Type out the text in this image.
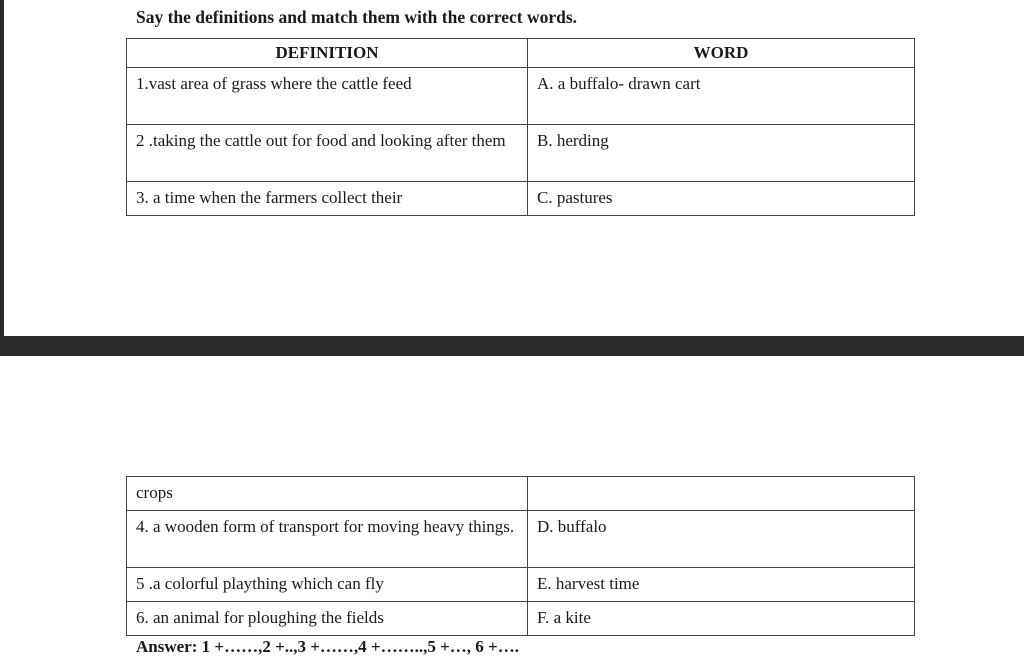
Say the definitions and match them with the correct words.

DEFINITION	WORD
1.vast area of grass where the cattle feed	A. a buffalo- drawn cart
2 .taking the cattle out for food and looking after them	B. herding
3. a time when the farmers collect their	C. pastures
crops	
4. a wooden form of transport for moving heavy things.	D. buffalo
5 .a colorful plaything which can fly	E. harvest time
6. an animal for ploughing the fields	F. a kite

Answer: 1 +……,2 +..,3 +……,4 +……..,5 +…, 6 +….
